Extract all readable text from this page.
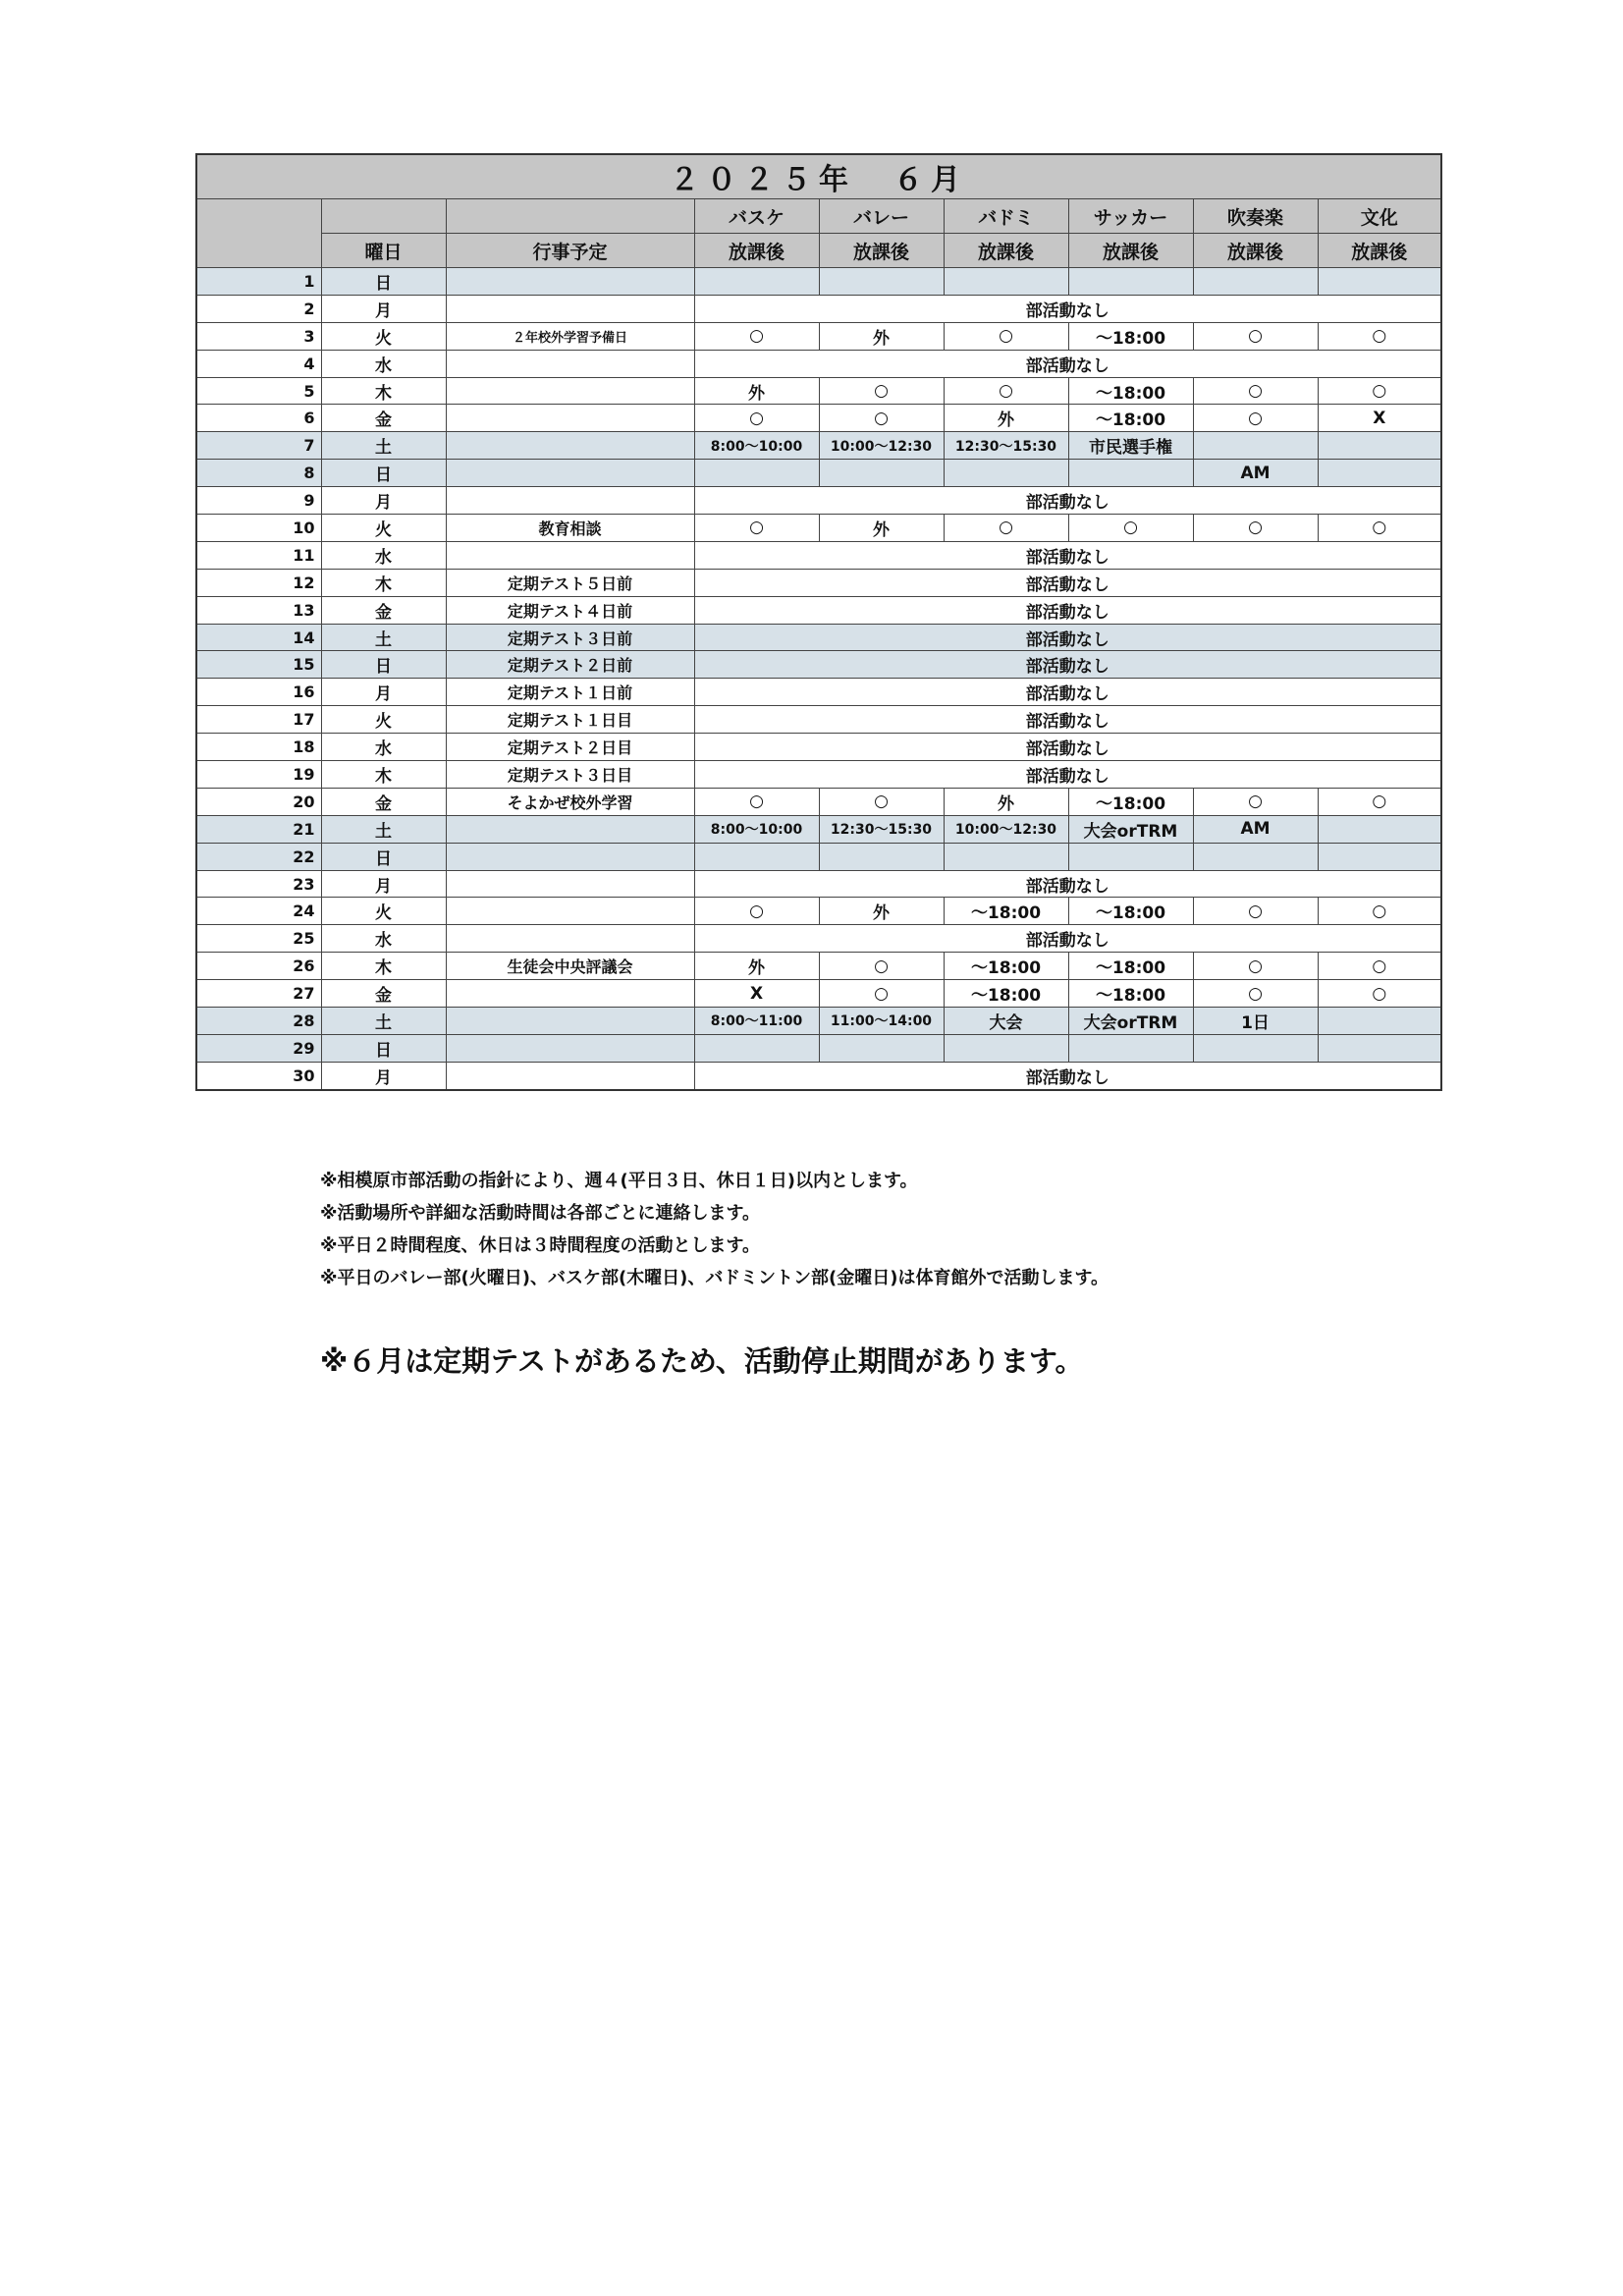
２０２５年　６月								
			バスケ	バレー	バドミ	サッカー	吹奏楽	文化
	曜日	行事予定	放課後	放課後	放課後	放課後	放課後	放課後
1	日							
2	月		部活動なし					
3	火	２年校外学習予備日	○	外	○	〜18:00	○	○
4	水		部活動なし					
5	木		外	○	○	〜18:00	○	○
6	金		○	○	外	〜18:00	○	X
7	土		8:00〜10:00	10:00〜12:30	12:30〜15:30	市民選手権		
8	日						AM	
9	月		部活動なし					
10	火	教育相談	○	外	○	○	○	○
11	水		部活動なし					
12	木	定期テスト５日前	部活動なし					
13	金	定期テスト４日前	部活動なし					
14	土	定期テスト３日前	部活動なし					
15	日	定期テスト２日前	部活動なし					
16	月	定期テスト１日前	部活動なし					
17	火	定期テスト１日目	部活動なし					
18	水	定期テスト２日目	部活動なし					
19	木	定期テスト３日目	部活動なし					
20	金	そよかぜ校外学習	○	○	外	〜18:00	○	○
21	土		8:00〜10:00	12:30〜15:30	10:00〜12:30	大会orTRM	AM	
22	日							
23	月		部活動なし					
24	火		○	外	〜18:00	〜18:00	○	○
25	水		部活動なし					
26	木	生徒会中央評議会	外	○	〜18:00	〜18:00	○	○
27	金		X	○	〜18:00	〜18:00	○	○
28	土		8:00〜11:00	11:00〜14:00	大会	大会orTRM	1日	
29	日							
30	月		部活動なし					
※相模原市部活動の指針により、週４(平日３日、休日１日)以内とします。
※活動場所や詳細な活動時間は各部ごとに連絡します。
※平日２時間程度、休日は３時間程度の活動とします。
※平日のバレー部(火曜日)、バスケ部(木曜日)、バドミントン部(金曜日)は体育館外で活動します。
※６月は定期テストがあるため、活動停止期間があります。
